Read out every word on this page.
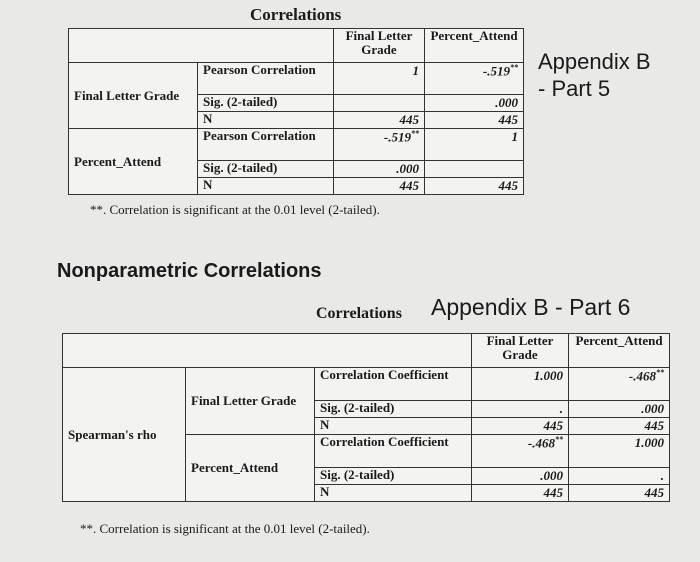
Correlations
		Final Letter Grade	Percent_Attend
Final Letter Grade	Pearson Correlation	1	-.519**
	Sig. (2-tailed)		.000
	N	445	445
Percent_Attend	Pearson Correlation	-.519**	1
	Sig. (2-tailed)	.000	
	N	445	445
**. Correlation is significant at the 0.01 level (2-tailed).
Appendix B
- Part 5
Nonparametric Correlations
Correlations Appendix B - Part 6
			Final Letter Grade	Percent_Attend
Spearman's rho	Final Letter Grade	Correlation Coefficient	1.000	-.468**
		Sig. (2-tailed)	.	.000
		N	445	445
	Percent_Attend	Correlation Coefficient	-.468**	1.000
		Sig. (2-tailed)	.000	.
		N	445	445
**. Correlation is significant at the 0.01 level (2-tailed).
